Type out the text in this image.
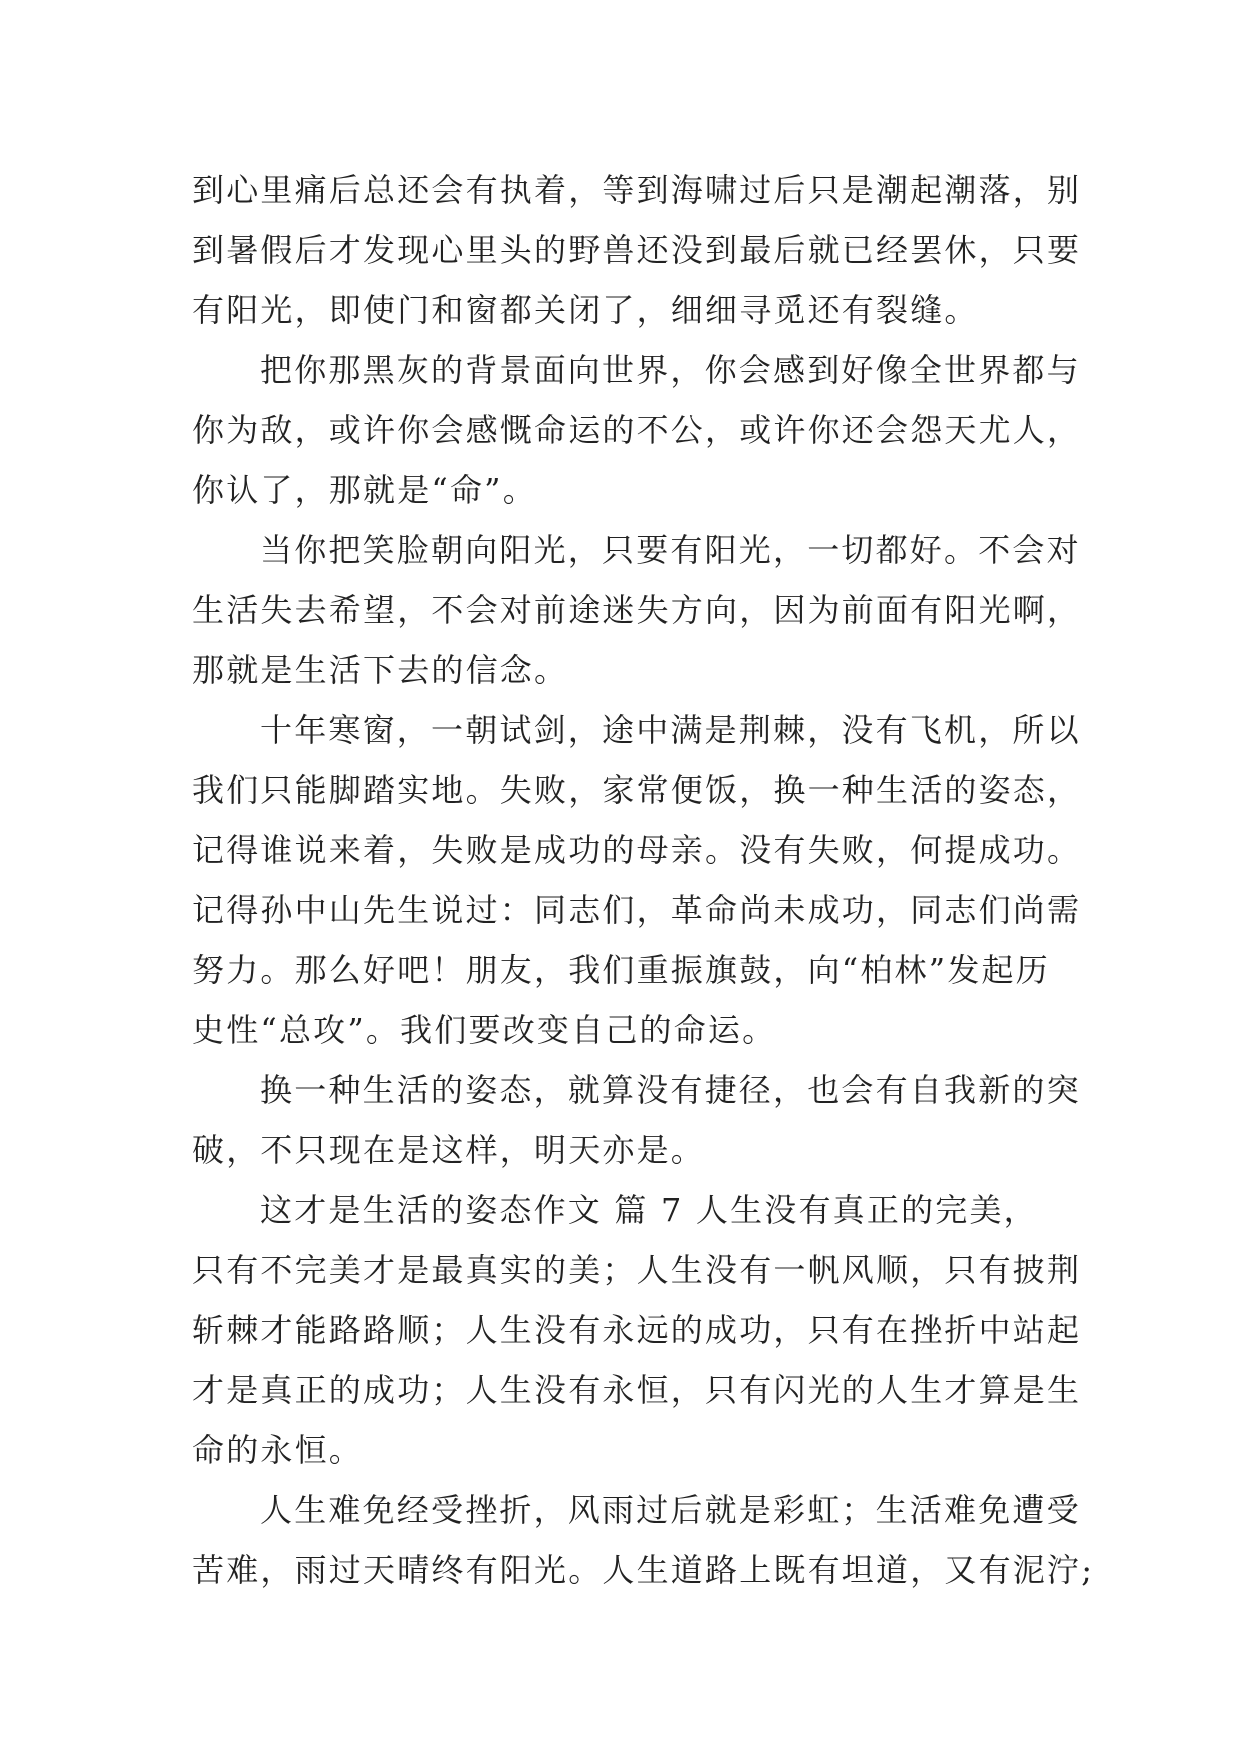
到心里痛后总还会有执着，等到海啸过后只是潮起潮落，别
到暑假后才发现心里头的野兽还没到最后就已经罢休，只要
有阳光，即使门和窗都关闭了，细细寻觅还有裂缝。
把你那黑灰的背景面向世界，你会感到好像全世界都与
你为敌，或许你会感慨命运的不公，或许你还会怨天尤人，
你认了，那就是“命”。
当你把笑脸朝向阳光，只要有阳光，一切都好。不会对
生活失去希望，不会对前途迷失方向，因为前面有阳光啊，
那就是生活下去的信念。
十年寒窗，一朝试剑，途中满是荆棘，没有飞机，所以
我们只能脚踏实地。失败，家常便饭，换一种生活的姿态，
记得谁说来着，失败是成功的母亲。没有失败，何提成功。
记得孙中山先生说过：同志们，革命尚未成功，同志们尚需
努力。那么好吧！朋友，我们重振旗鼓，向“柏林”发起历
史性“总攻”。我们要改变自己的命运。
换一种生活的姿态，就算没有捷径，也会有自我新的突
破，不只现在是这样，明天亦是。
这才是生活的姿态作文 篇 7 人生没有真正的完美，
只有不完美才是最真实的美；人生没有一帆风顺，只有披荆
斩棘才能路路顺；人生没有永远的成功，只有在挫折中站起
才是真正的成功；人生没有永恒，只有闪光的人生才算是生
命的永恒。
人生难免经受挫折，风雨过后就是彩虹；生活难免遭受
苦难，雨过天晴终有阳光。人生道路上既有坦道，又有泥泞;
